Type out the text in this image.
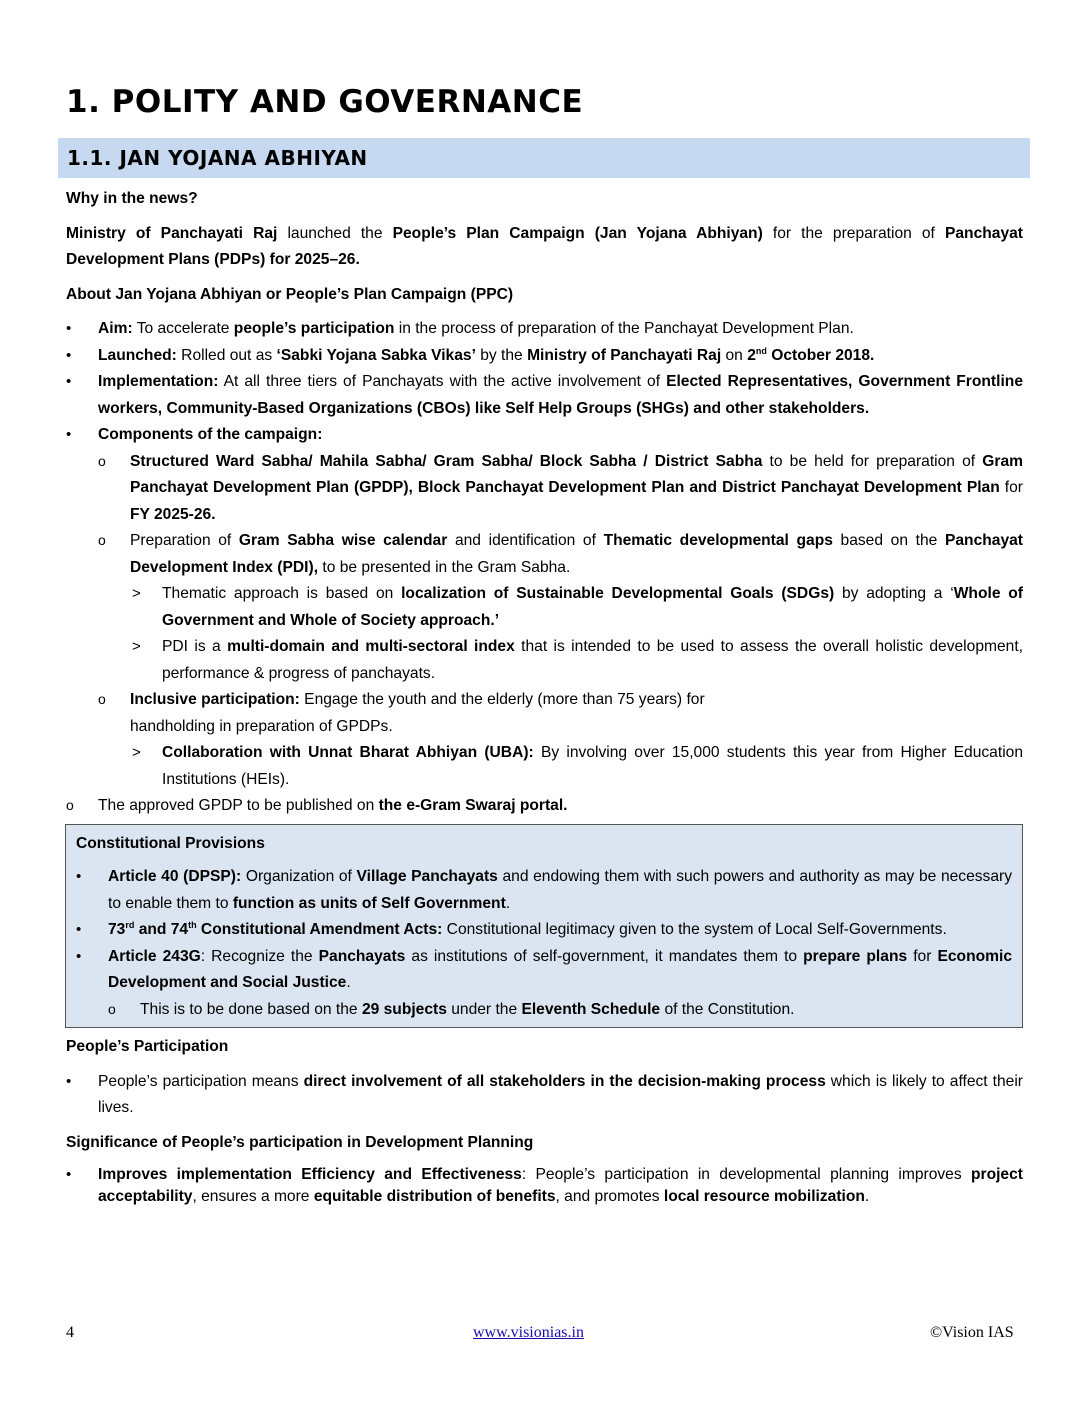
1. POLITY AND GOVERNANCE
1.1. JAN YOJANA ABHIYAN

Why in the news?

Ministry of Panchayati Raj launched the People’s Plan Campaign (Jan Yojana Abhiyan) for the preparation of Panchayat Development Plans (PDPs) for 2025–26.

About Jan Yojana Abhiyan or People’s Plan Campaign (PPC)

• Aim: To accelerate people’s participation in the process of preparation of the Panchayat Development Plan.
• Launched: Rolled out as ‘Sabki Yojana Sabka Vikas’ by the Ministry of Panchayati Raj on 2nd October 2018.
• Implementation: At all three tiers of Panchayats with the active involvement of Elected Representatives, Government Frontline workers, Community-Based Organizations (CBOs) like Self Help Groups (SHGs) and other stakeholders.
• Components of the campaign:
o Structured Ward Sabha/ Mahila Sabha/ Gram Sabha/ Block Sabha / District Sabha to be held for preparation of Gram Panchayat Development Plan (GPDP), Block Panchayat Development Plan and District Panchayat Development Plan for FY 2025-26.
o Preparation of Gram Sabha wise calendar and identification of Thematic developmental gaps based on the Panchayat Development Index (PDI), to be presented in the Gram Sabha.
> Thematic approach is based on localization of Sustainable Developmental Goals (SDGs) by adopting a ‘Whole of Government and Whole of Society approach.’
> PDI is a multi-domain and multi-sectoral index that is intended to be used to assess the overall holistic development, performance & progress of panchayats.
o Inclusive participation: Engage the youth and the elderly (more than 75 years) for
handholding in preparation of GPDPs.
> Collaboration with Unnat Bharat Abhiyan (UBA): By involving over 15,000 students this year from Higher Education Institutions (HEIs).
o The approved GPDP to be published on the e-Gram Swaraj portal.

Constitutional Provisions

• Article 40 (DPSP): Organization of Village Panchayats and endowing them with such powers and authority as may be necessary to enable them to function as units of Self Government.
• 73rd and 74th Constitutional Amendment Acts: Constitutional legitimacy given to the system of Local Self-Governments.
• Article 243G: Recognize the Panchayats as institutions of self-government, it mandates them to prepare plans for Economic Development and Social Justice.
o This is to be done based on the 29 subjects under the Eleventh Schedule of the Constitution.

People’s Participation

• People’s participation means direct involvement of all stakeholders in the decision-making process which is likely to affect their lives.

Significance of People’s participation in Development Planning

• Improves implementation Efficiency and Effectiveness: People’s participation in developmental planning improves project acceptability, ensures a more equitable distribution of benefits, and promotes local resource mobilization.
4	www.visionias.in	©Vision IAS
